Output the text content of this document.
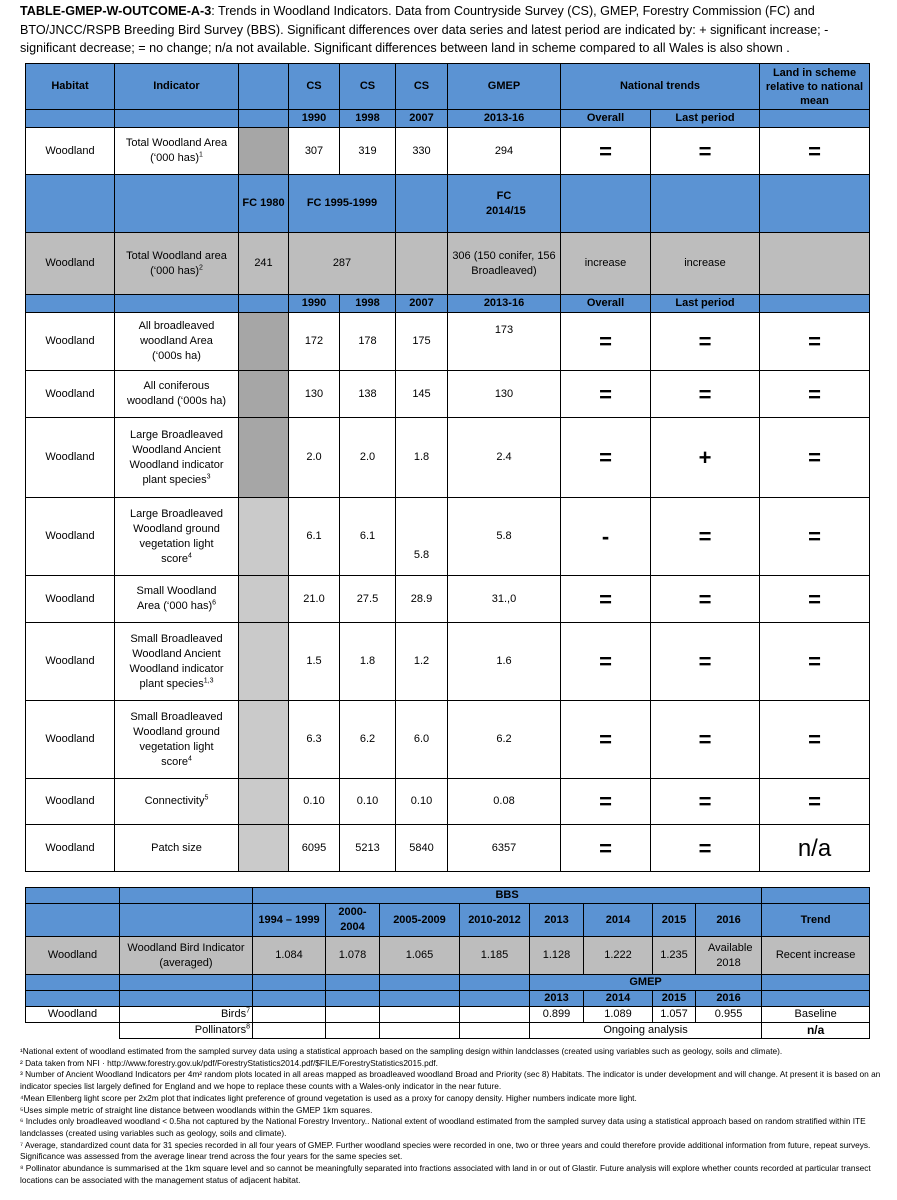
TABLE-GMEP-W-OUTCOME-A-3: Trends in Woodland Indicators. Data from Countryside Survey (CS), GMEP, Forestry Commission (FC) and BTO/JNCC/RSPB Breeding Bird Survey (BBS). Significant differences over data series and latest period are indicated by: + significant increase; - significant decrease; = no change; n/a not available. Significant differences between land in scheme compared to all Wales is also shown .
Habitat	Indicator		CS	CS	CS	GMEP	National trends		Land in scheme relative to national mean
			1990	1998	2007	2013-16	Overall	Last period	
Woodland	Total Woodland Area (‘000 has)$^1$		307	319	330	294	=	=	=
		FC 1980	FC 1995-1999			FC 2014/15			
Woodland	Total Woodland area (‘000 has)$^2$	241	287			306 (150 conifer, 156 Broadleaved)	increase	increase	
			1990	1998	2007	2013-16	Overall	Last period	
Woodland	All broadleaved woodland Area (‘000s ha)		172	178	175	173	=	=	=
Woodland	All coniferous woodland (‘000s ha)		130	138	145	130	=	=	=
Woodland	Large Broadleaved Woodland Ancient Woodland indicator plant species$^3$		2.0	2.0	1.8	2.4	=	+	=
Woodland	Large Broadleaved Woodland ground vegetation light score$^4$		6.1	6.1	5.8	5.8	-	=	=
Woodland	Small Woodland Area (‘000 has)$^6$		21.0	27.5	28.9	31.,0	=	=	=
Woodland	Small Broadleaved Woodland Ancient Woodland indicator plant species$^{1,3}$		1.5	1.8	1.2	1.6	=	=	=
Woodland	Small Broadleaved Woodland ground vegetation light score$^4$		6.3	6.2	6.0	6.2	=	=	=
Woodland	Connectivity$^5$		0.10	0.10	0.10	0.08	=	=	=
Woodland	Patch size		6095	5213	5840	6357	=	=	n/a
		BBS								
		1994 – 1999	2000-2004	2005-2009	2010-2012	2013	2014	2015	2016	Trend
Woodland	Woodland Bird Indicator (averaged)	1.084	1.078	1.065	1.185	1.128	1.222	1.235	Available 2018	Recent increase
						GMEP				
						2013	2014	2015	2016	
Woodland	Birds$^7$					0.899	1.089	1.057	0.955	Baseline
	Pollinators$^8$					Ongoing analysis				n/a
¹National extent of woodland estimated from the sampled survey data using a statistical approach based on the sampling design within landclasses (created using variables such as geology, soils and climate).
² Data taken from NFI · http://www.forestry.gov.uk/pdf/ForestryStatistics2014.pdf/$FILE/ForestryStatistics2015.pdf.
³ Number of Ancient Woodland Indicators per 4m² random plots located in all areas mapped as broadleaved woodland Broad and Priority (sec 8) Habitats. The indicator is under development and will change. At present it is based on an indicator species list largely defined for England and we hope to replace these counts with a Wales-only indicator in the near future.
⁴Mean Ellenberg light score per 2x2m plot that indicates light preference of ground vegetation is used as a proxy for canopy density. Higher numbers indicate more light.
⁵Uses simple metric of straight line distance between woodlands within the GMEP 1km squares.
⁶ Includes only broadleaved woodland < 0.5ha not captured by the National Forestry Inventory.. National extent of woodland estimated from the sampled survey data using a statistical approach based on random stratified within ITE landclasses (created using variables such as geology, soils and climate).
⁷ Average, standardized count data for 31 species recorded in all four years of GMEP. Further woodland species were recorded in one, two or three years and could therefore provide additional information from future, repeat surveys. Significance was assessed from the average linear trend across the four years for the same species set.
⁸ Pollinator abundance is summarised at the 1km square level and so cannot be meaningfully separated into fractions associated with land in or out of Glastir. Future analysis will explore whether counts recorded at particular transect locations can be associated with the management status of adjacent habitat.
